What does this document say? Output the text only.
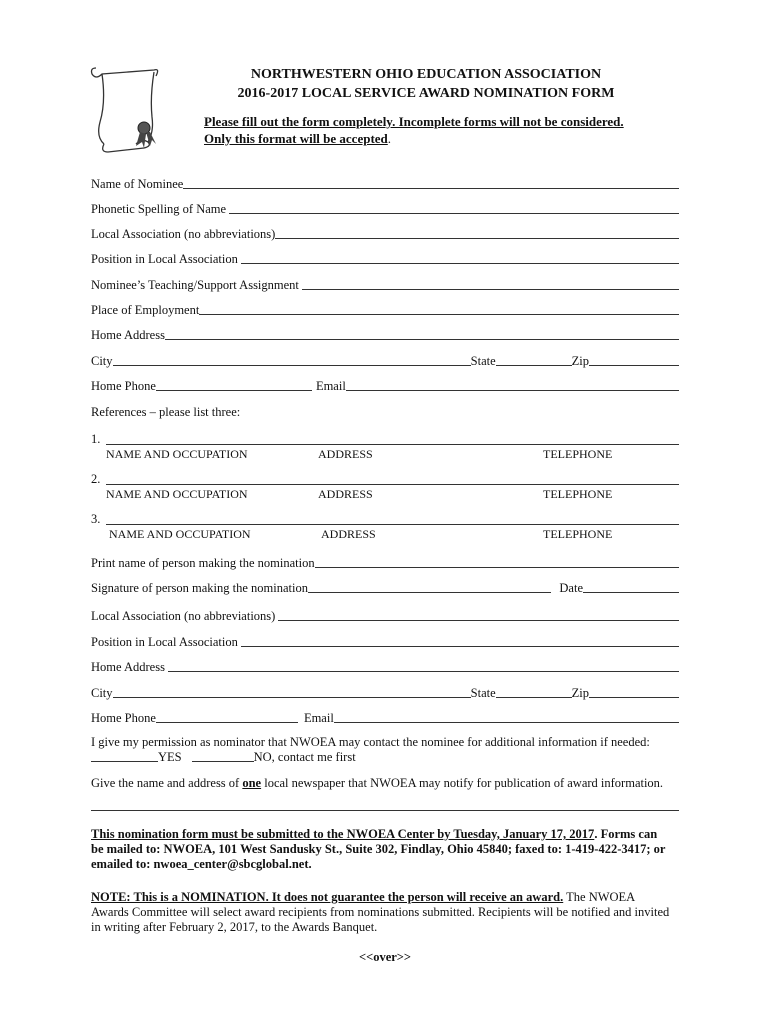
NORTHWESTERN OHIO EDUCATION ASSOCIATION
2016-2017 LOCAL SERVICE AWARD NOMINATION FORM
Please fill out the form completely. Incomplete forms will not be considered.
Only this format will be accepted.
Name of Nominee
Phonetic Spelling of Name
Local Association (no abbreviations)
Position in Local Association
Nominee’s Teaching/Support Assignment
Place of Employment
Home Address
City	State	Zip
Home Phone	Email
References – please list three:
1.
NAME AND OCCUPATION	ADDRESS	TELEPHONE
2.
NAME AND OCCUPATION	ADDRESS	TELEPHONE
3.
NAME AND OCCUPATION	ADDRESS	TELEPHONE
Print name of person making the nomination
Signature of person making the nomination	Date
Local Association (no abbreviations)
Position in Local Association
Home Address
City	State	Zip
Home Phone	Email
I give my permission as nominator that NWOEA may contact the nominee for additional information if needed:
YES	NO, contact me first
Give the name and address of one local newspaper that NWOEA may notify for publication of award information.
This nomination form must be submitted to the NWOEA Center by Tuesday, January 17, 2017. Forms can
be mailed to: NWOEA, 101 West Sandusky St., Suite 302, Findlay, Ohio 45840; faxed to: 1-419-422-3417; or
emailed to: nwoea_center@sbcglobal.net.
NOTE: This is a NOMINATION. It does not guarantee the person will receive an award. The NWOEA
Awards Committee will select award recipients from nominations submitted. Recipients will be notified and invited
in writing after February 2, 2017, to the Awards Banquet.
<<over>>
